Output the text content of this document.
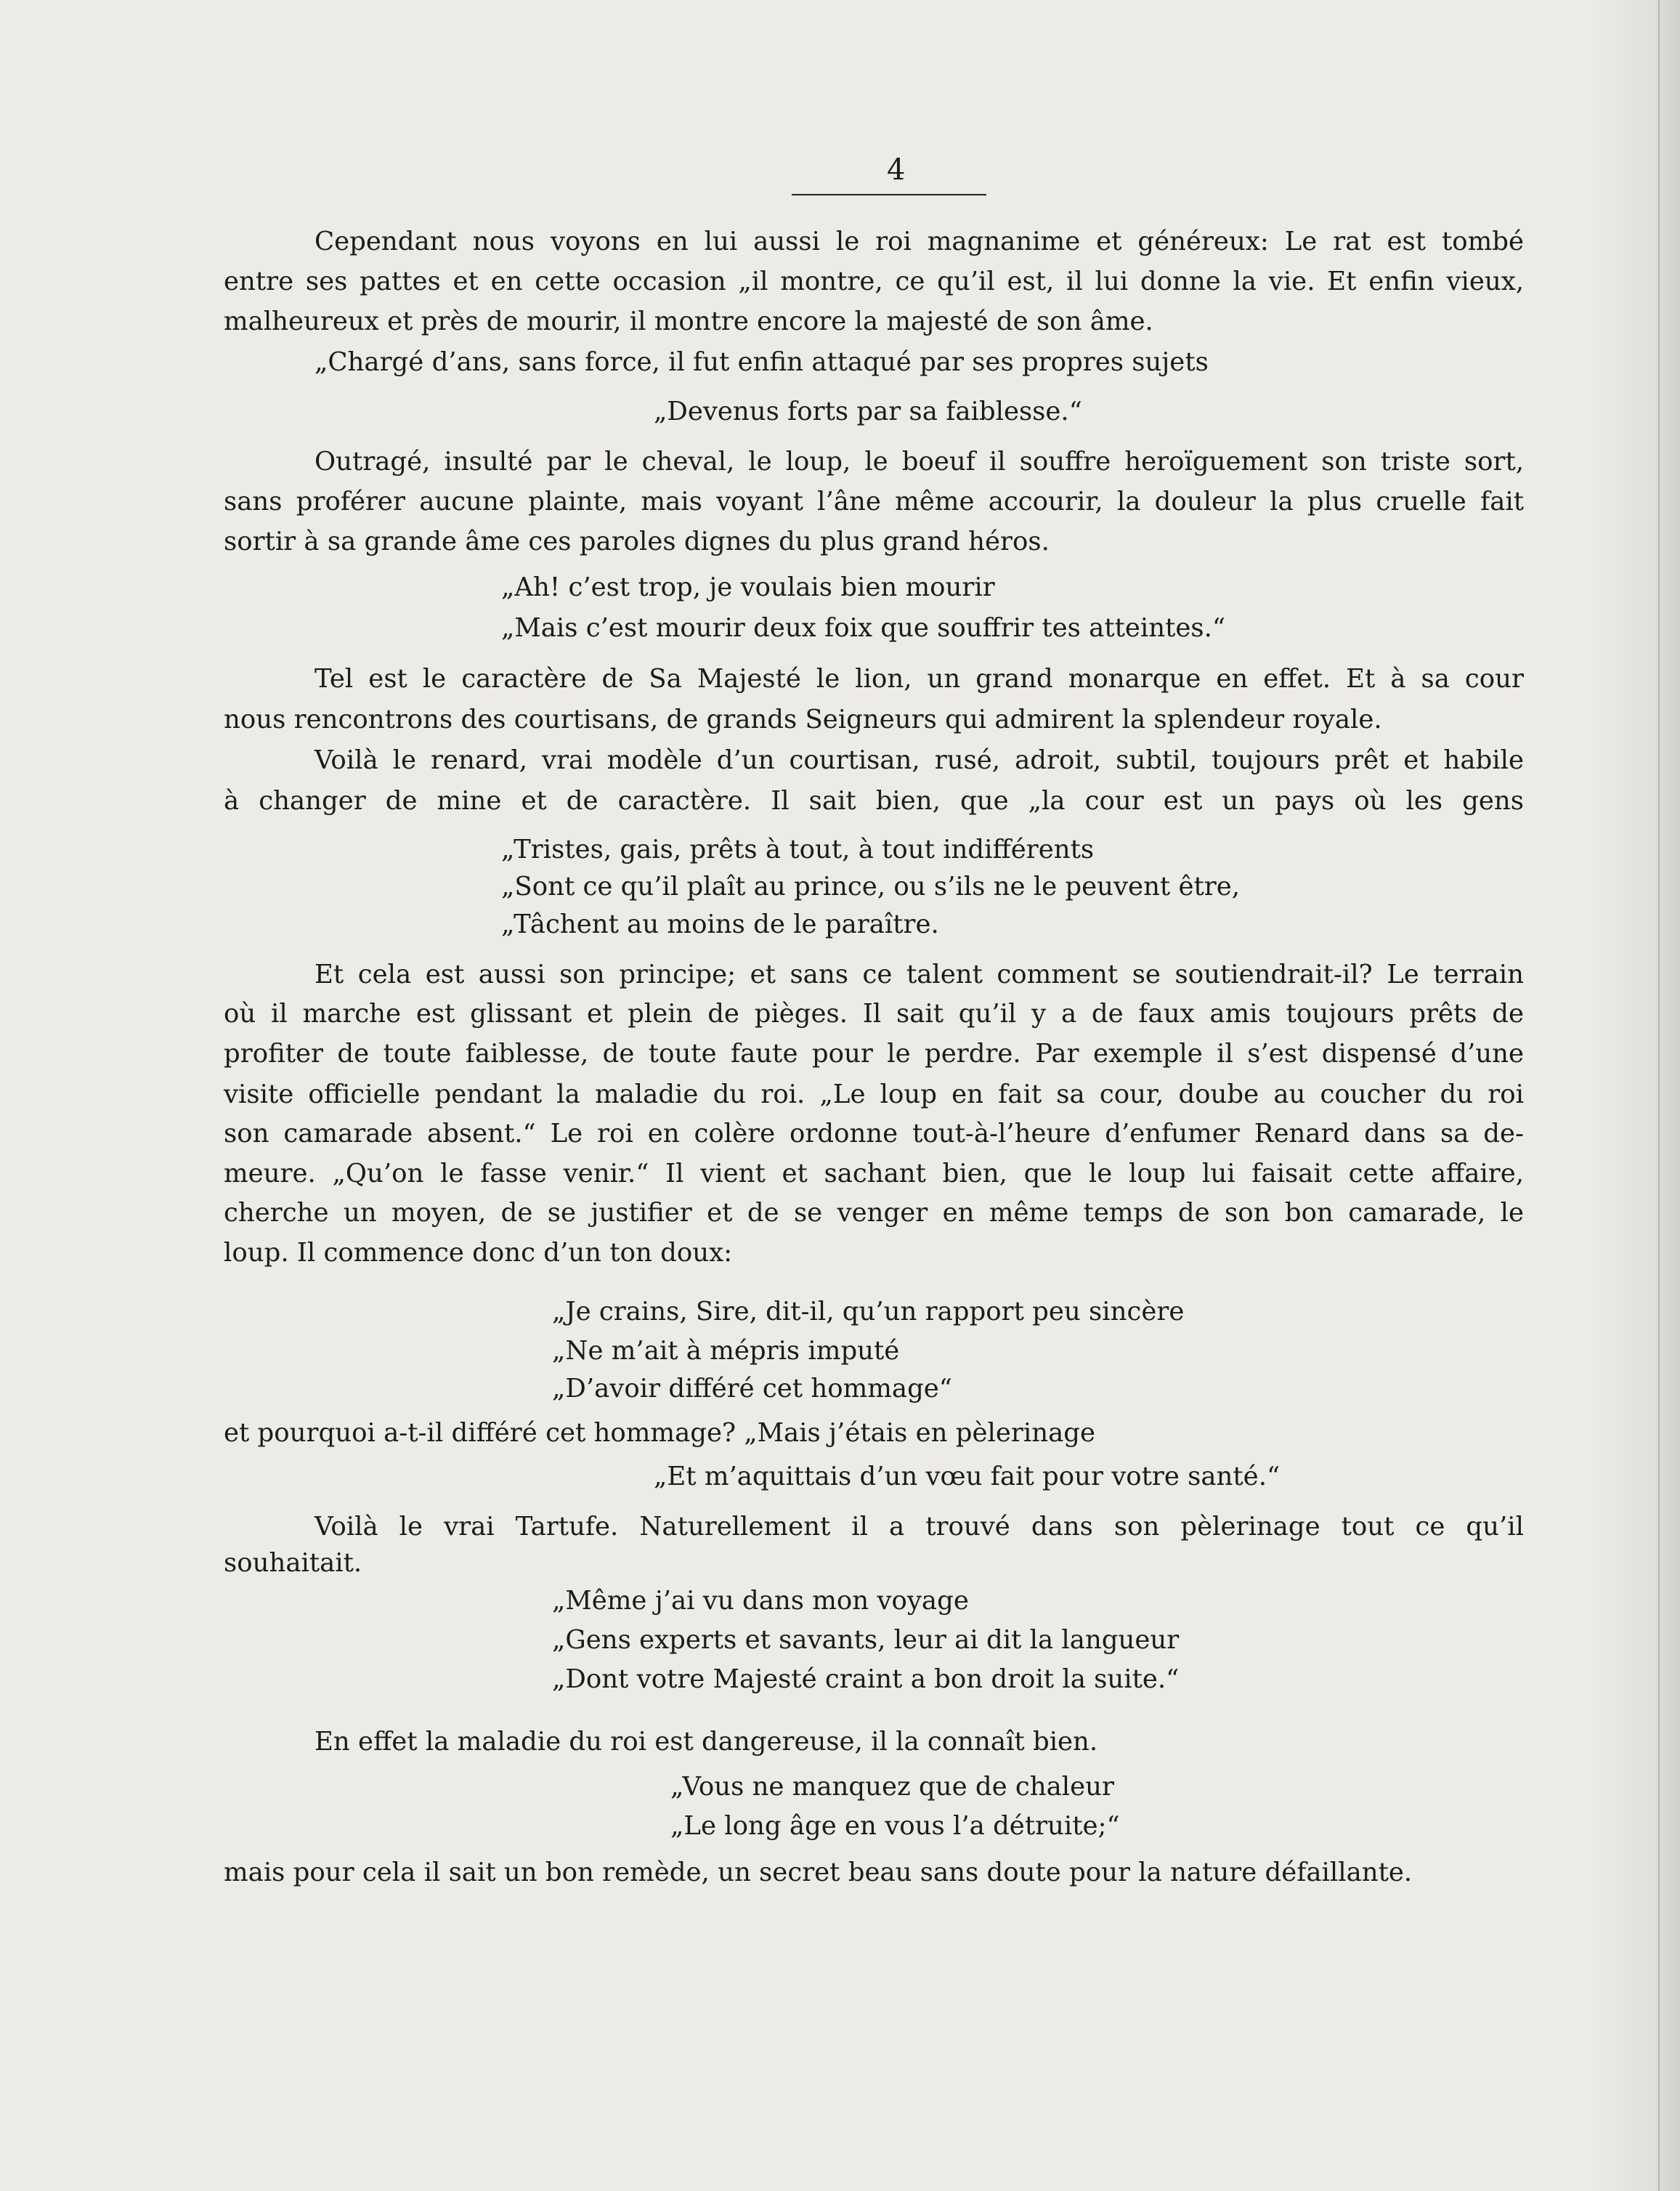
4
Cependant nous voyons en lui aussi le roi magnanime et généreux: Le rat est tombé
entre ses pattes et en cette occasion „il montre, ce qu’il est, il lui donne la vie. Et enfin vieux,
malheureux et près de mourir, il montre encore la majesté de son âme.
„Chargé d’ans, sans force, il fut enfin attaqué par ses propres sujets
„Devenus forts par sa faiblesse.“
Outragé, insulté par le cheval, le loup, le boeuf il souffre heroïguement son triste sort,
sans proférer aucune plainte, mais voyant l’âne même accourir, la douleur la plus cruelle fait
sortir à sa grande âme ces paroles dignes du plus grand héros.
„Ah! c’est trop, je voulais bien mourir
„Mais c’est mourir deux foix que souffrir tes atteintes.“
Tel est le caractère de Sa Majesté le lion, un grand monarque en effet. Et à sa cour
nous rencontrons des courtisans, de grands Seigneurs qui admirent la splendeur royale.
Voilà le renard, vrai modèle d’un courtisan, rusé, adroit, subtil, toujours prêt et habile
à changer de mine et de caractère. Il sait bien, que „la cour est un pays où les gens
„Tristes, gais, prêts à tout, à tout indifférents
„Sont ce qu’il plaît au prince, ou s’ils ne le peuvent être,
„Tâchent au moins de le paraître.
Et cela est aussi son principe; et sans ce talent comment se soutiendrait-il? Le terrain
où il marche est glissant et plein de pièges. Il sait qu’il y a de faux amis toujours prêts de
profiter de toute faiblesse, de toute faute pour le perdre. Par exemple il s’est dispensé d’une
visite officielle pendant la maladie du roi. „Le loup en fait sa cour, doube au coucher du roi
son camarade absent.“ Le roi en colère ordonne tout-à-l’heure d’enfumer Renard dans sa de-
meure. „Qu’on le fasse venir.“ Il vient et sachant bien, que le loup lui faisait cette affaire,
cherche un moyen, de se justifier et de se venger en même temps de son bon camarade, le
loup. Il commence donc d’un ton doux:
„Je crains, Sire, dit-il, qu’un rapport peu sincère
„Ne m’ait à mépris imputé
„D’avoir différé cet hommage“
et pourquoi a-t-il différé cet hommage? „Mais j’étais en pèlerinage
„Et m’aquittais d’un vœu fait pour votre santé.“
Voilà le vrai Tartufe. Naturellement il a trouvé dans son pèlerinage tout ce qu’il
souhaitait.
„Même j’ai vu dans mon voyage
„Gens experts et savants, leur ai dit la langueur
„Dont votre Majesté craint a bon droit la suite.“
En effet la maladie du roi est dangereuse, il la connaît bien.
„Vous ne manquez que de chaleur
„Le long âge en vous l’a détruite;“
mais pour cela il sait un bon remède, un secret beau sans doute pour la nature défaillante.
